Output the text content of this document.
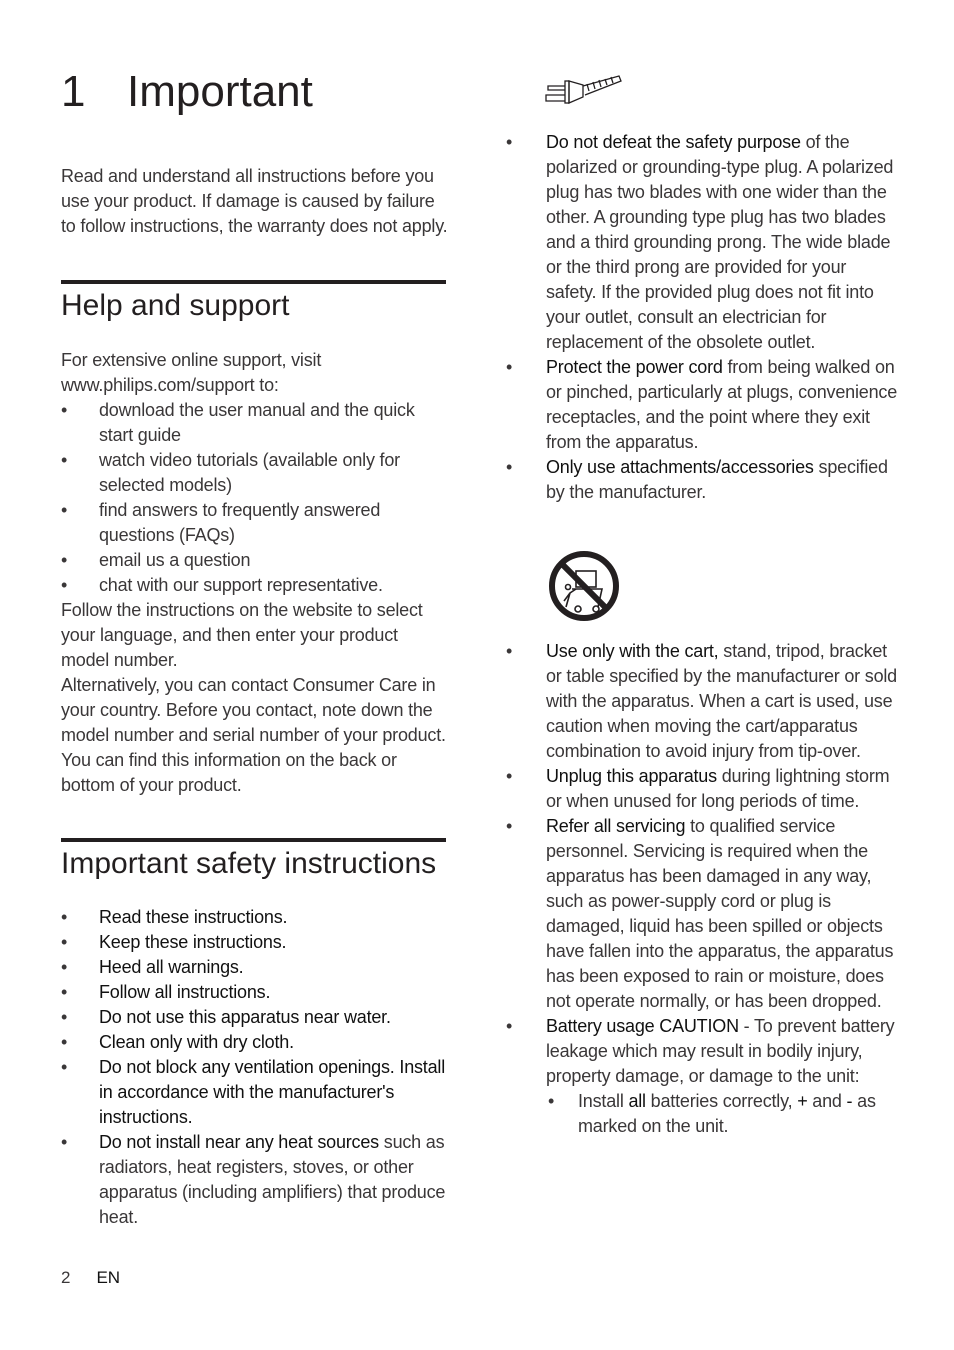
1 Important

Read and understand all instructions before you use your product. If damage is caused by failure to follow instructions, the warranty does not apply.

Help and support

For extensive online support, visit www.philips.com/support to:

• download the user manual and the quick start guide
• watch video tutorials (available only for selected models)
• find answers to frequently answered questions (FAQs)
• email us a question
• chat with our support representative.

Follow the instructions on the website to select your language, and then enter your product model number.

Alternatively, you can contact Consumer Care in your country. Before you contact, note down the model number and serial number of your product. You can find this information on the back or bottom of your product.

Important safety instructions
• Read these instructions.
• Keep these instructions.
• Heed all warnings.
• Follow all instructions.
• Do not use this apparatus near water.
• Clean only with dry cloth.
• Do not block any ventilation openings. Install in accordance with the manufacturer's instructions.
• Do not install near any heat sources such as radiators, heat registers, stoves, or other apparatus (including amplifiers) that produce heat.
• Do not defeat the safety purpose of the polarized or grounding-type plug. A polarized plug has two blades with one wider than the other. A grounding type plug has two blades and a third grounding prong. The wide blade or the third prong are provided for your safety. If the provided plug does not fit into your outlet, consult an electrician for replacement of the obsolete outlet.
• Protect the power cord from being walked on or pinched, particularly at plugs, convenience receptacles, and the point where they exit from the apparatus.
• Only use attachments/accessories specified by the manufacturer.
• Use only with the cart, stand, tripod, bracket or table specified by the manufacturer or sold with the apparatus. When a cart is used, use caution when moving the cart/apparatus combination to avoid injury from tip-over.
• Unplug this apparatus during lightning storm or when unused for long periods of time.
• Refer all servicing to qualified service personnel. Servicing is required when the apparatus has been damaged in any way, such as power-supply cord or plug is damaged, liquid has been spilled or objects have fallen into the apparatus, the apparatus has been exposed to rain or moisture, does not operate normally, or has been dropped.
• Battery usage CAUTION - To prevent battery leakage which may result in bodily injury, property damage, or damage to the unit:
• Install all batteries correctly, + and - as marked on the unit.
2 EN
